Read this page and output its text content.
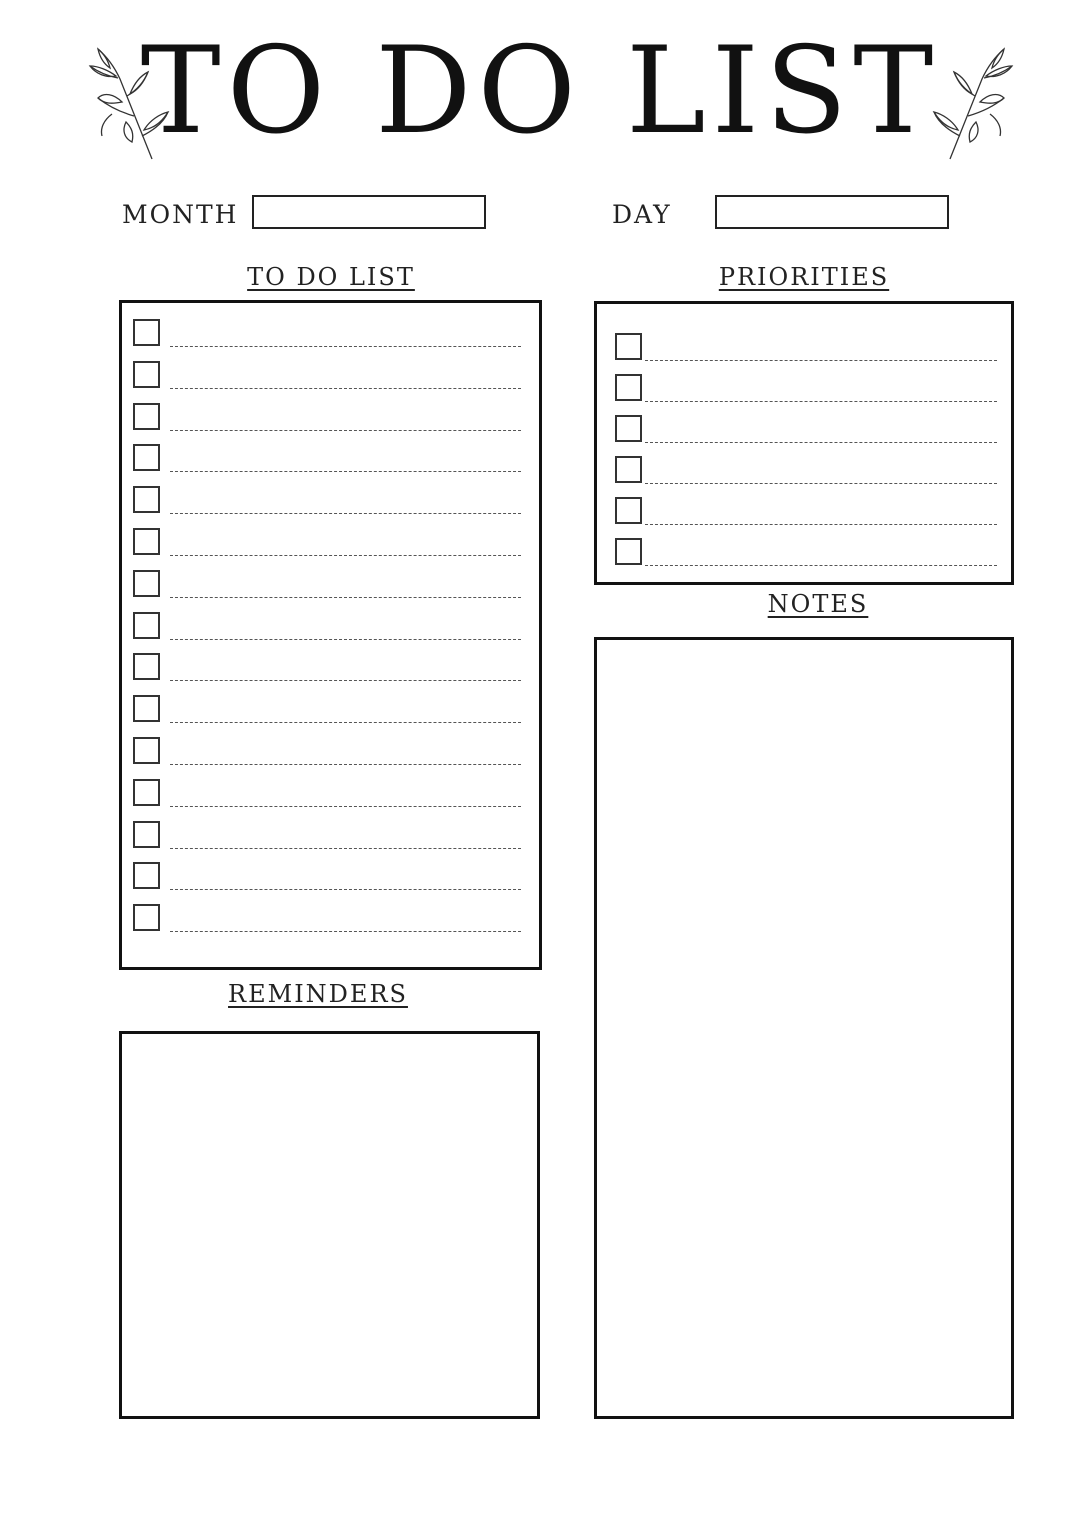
TO DO LIST
MONTH	DAY
TO DO LIST	PRIORITIES
NOTES
REMINDERS
